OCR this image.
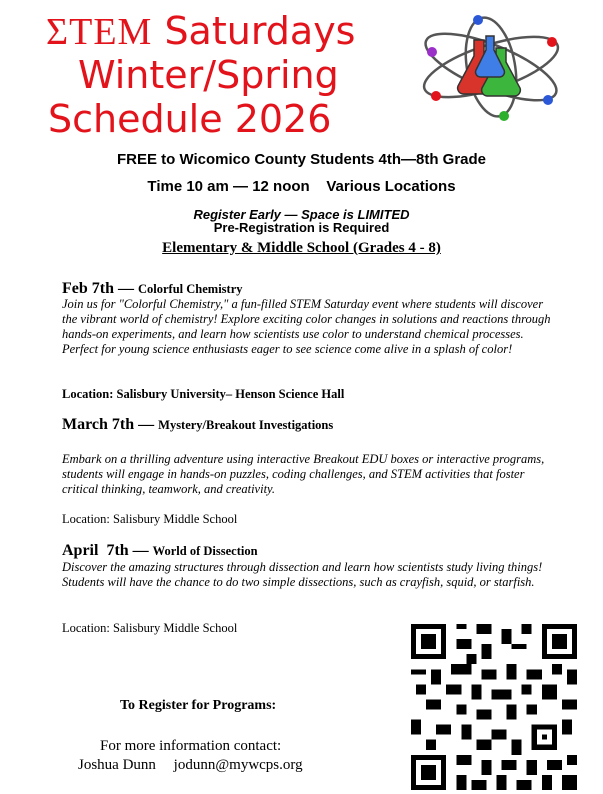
ΣTEM Saturdays
Winter/Spring
Schedule 2026
FREE to Wicomico County Students 4th—8th Grade
Time 10 am — 12 noon    Various Locations
Register Early — Space is LIMITED
Pre-Registration is Required
Elementary & Middle School (Grades 4 - 8)
Feb 7th — Colorful Chemistry

Join us for "Colorful Chemistry," a fun-filled STEM Saturday event where students will discover the vibrant world of chemistry! Explore exciting color changes in solutions and reactions through hands-on experiments, and learn how scientists use color to understand chemical processes. Perfect for young science enthusiasts eager to see science come alive in a splash of color!

Location: Salisbury University– Henson Science Hall
March 7th — Mystery/Breakout Investigations

Embark on a thrilling adventure using interactive Breakout EDU boxes or interactive programs, students will engage in hands-on puzzles, coding challenges, and STEM activities that foster critical thinking, teamwork, and creativity.

Location: Salisbury Middle School
April  7th — World of Dissection

Discover the amazing structures through dissection and learn how scientists study living things! Students will have the chance to do two simple dissections, such as crayfish, squid, or starfish.

Location: Salisbury Middle School
To Register for Programs:
For more information contact:
Joshua Dunn jodunn@mywcps.org
